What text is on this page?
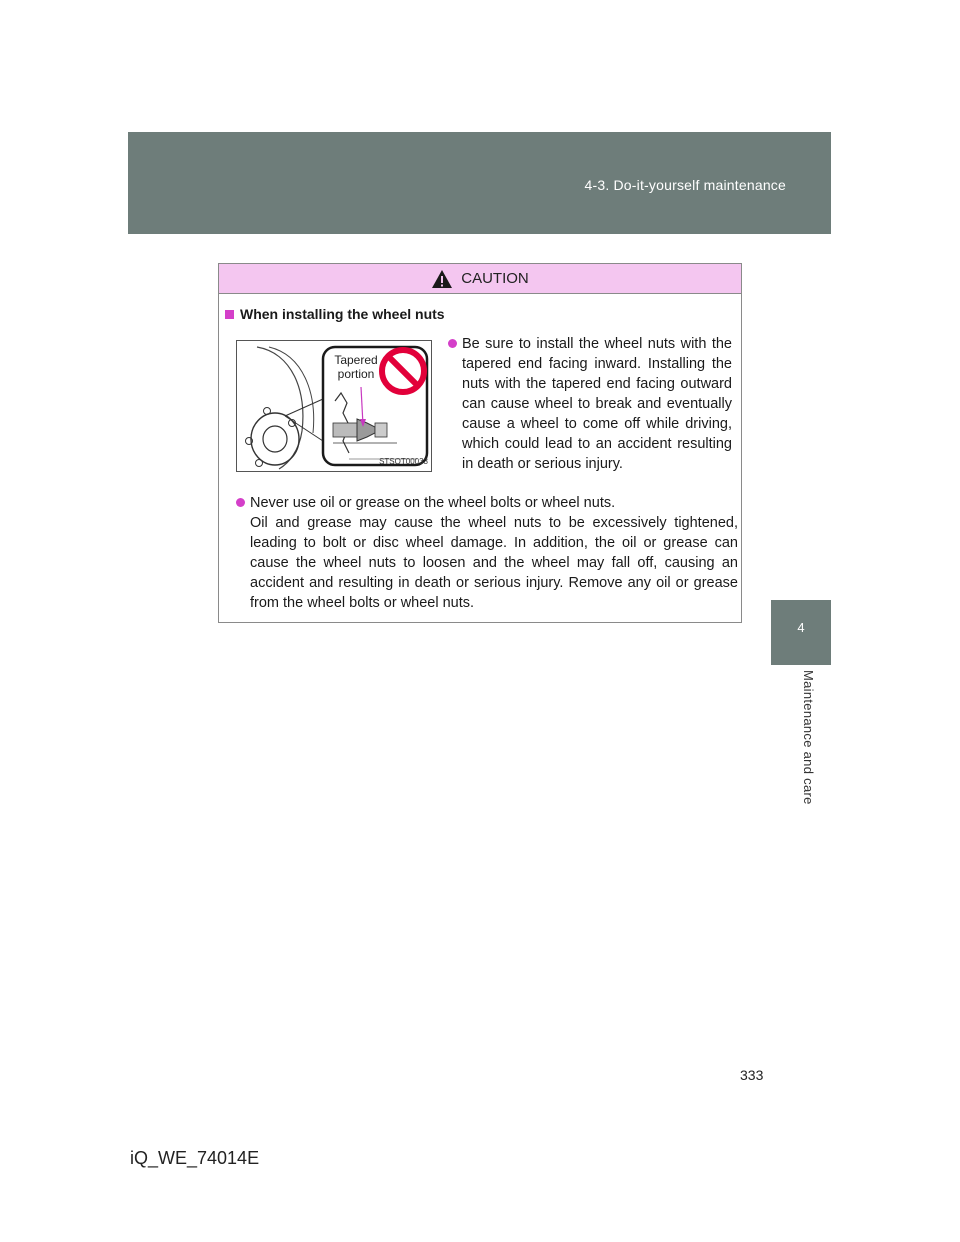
4-3. Do-it-yourself maintenance
4
Maintenance and care
CAUTION
When installing the wheel nuts
Tapered portion
STSOT00033
Be sure to install the wheel nuts with the tapered end facing inward. Installing the nuts with the tapered end facing outward can cause wheel to break and eventually cause a wheel to come off while driving, which could lead to an accident resulting in death or serious injury.

Never use oil or grease on the wheel bolts or wheel nuts.

Oil and grease may cause the wheel nuts to be excessively tightened, leading to bolt or disc wheel damage. In addition, the oil or grease can cause the wheel nuts to loosen and the wheel may fall off, causing an accident and resulting in death or serious injury. Remove any oil or grease from the wheel bolts or wheel nuts.

333
iQ_WE_74014E
